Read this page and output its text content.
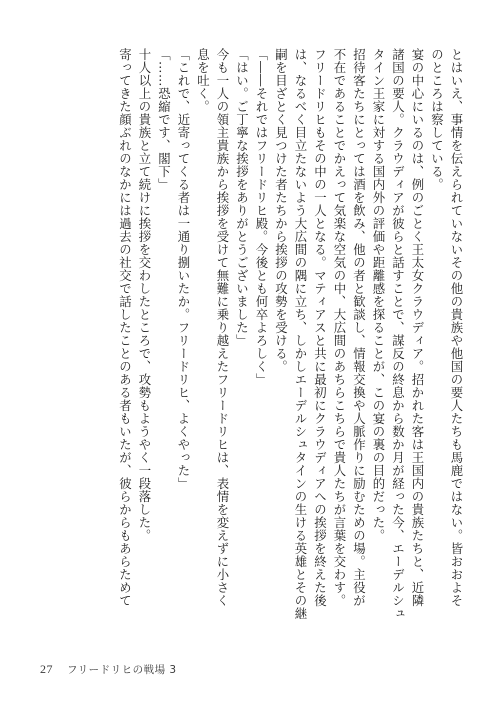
とはいえ、事情を伝えられていないその他の貴族や他国の要人たちも馬鹿ではない。皆おおよそ

のところは察している。

宴の中心にいるのは、例のごとく王太女クラウディア。招かれた客は王国内の貴族たちと、近隣

諸国の要人。クラウディアが彼らと話すことで、謀反の終息から数か月が経った今、エーデルシュ

タイン王家に対する国内外の評価や距離感を探ることが、この宴の裏の目的だった。

招待客たちにとっては酒を飲み、他の者と歓談し、情報交換や人脈作りに励むための場。主役が

不在であることでかえって気楽な空気の中、大広間のあちらこちらで貴人たちが言葉を交わす。

フリードリヒもその中の一人となる。マティアスと共に最初にクラウディアへの挨拶を終えた後

は、なるべく目立たないよう大広間の隅に立ち、しかしエーデルシュタインの生ける英雄とその継

嗣を目ざとく見つけた者たちから挨拶の攻勢を受ける。

「――それではフリードリヒ殿。今後とも何卒よろしく」

「はい。ご丁寧な挨拶をありがとうございました」

今も一人の領主貴族から挨拶を受けて無難に乗り越えたフリードリヒは、表情を変えずに小さく

息を吐く。

「これで、近寄ってくる者は一通り捌いたか。フリードリヒ、よくやった」

「……恐縮です、閣下」

十人以上の貴族と立て続けに挨拶を交わしたところで、攻勢もようやく一段落した。

寄ってきた顔ぶれのなかには過去の社交で話したことのある者もいたが、彼らからもあらためて

27 フリードリヒの戦場 3
